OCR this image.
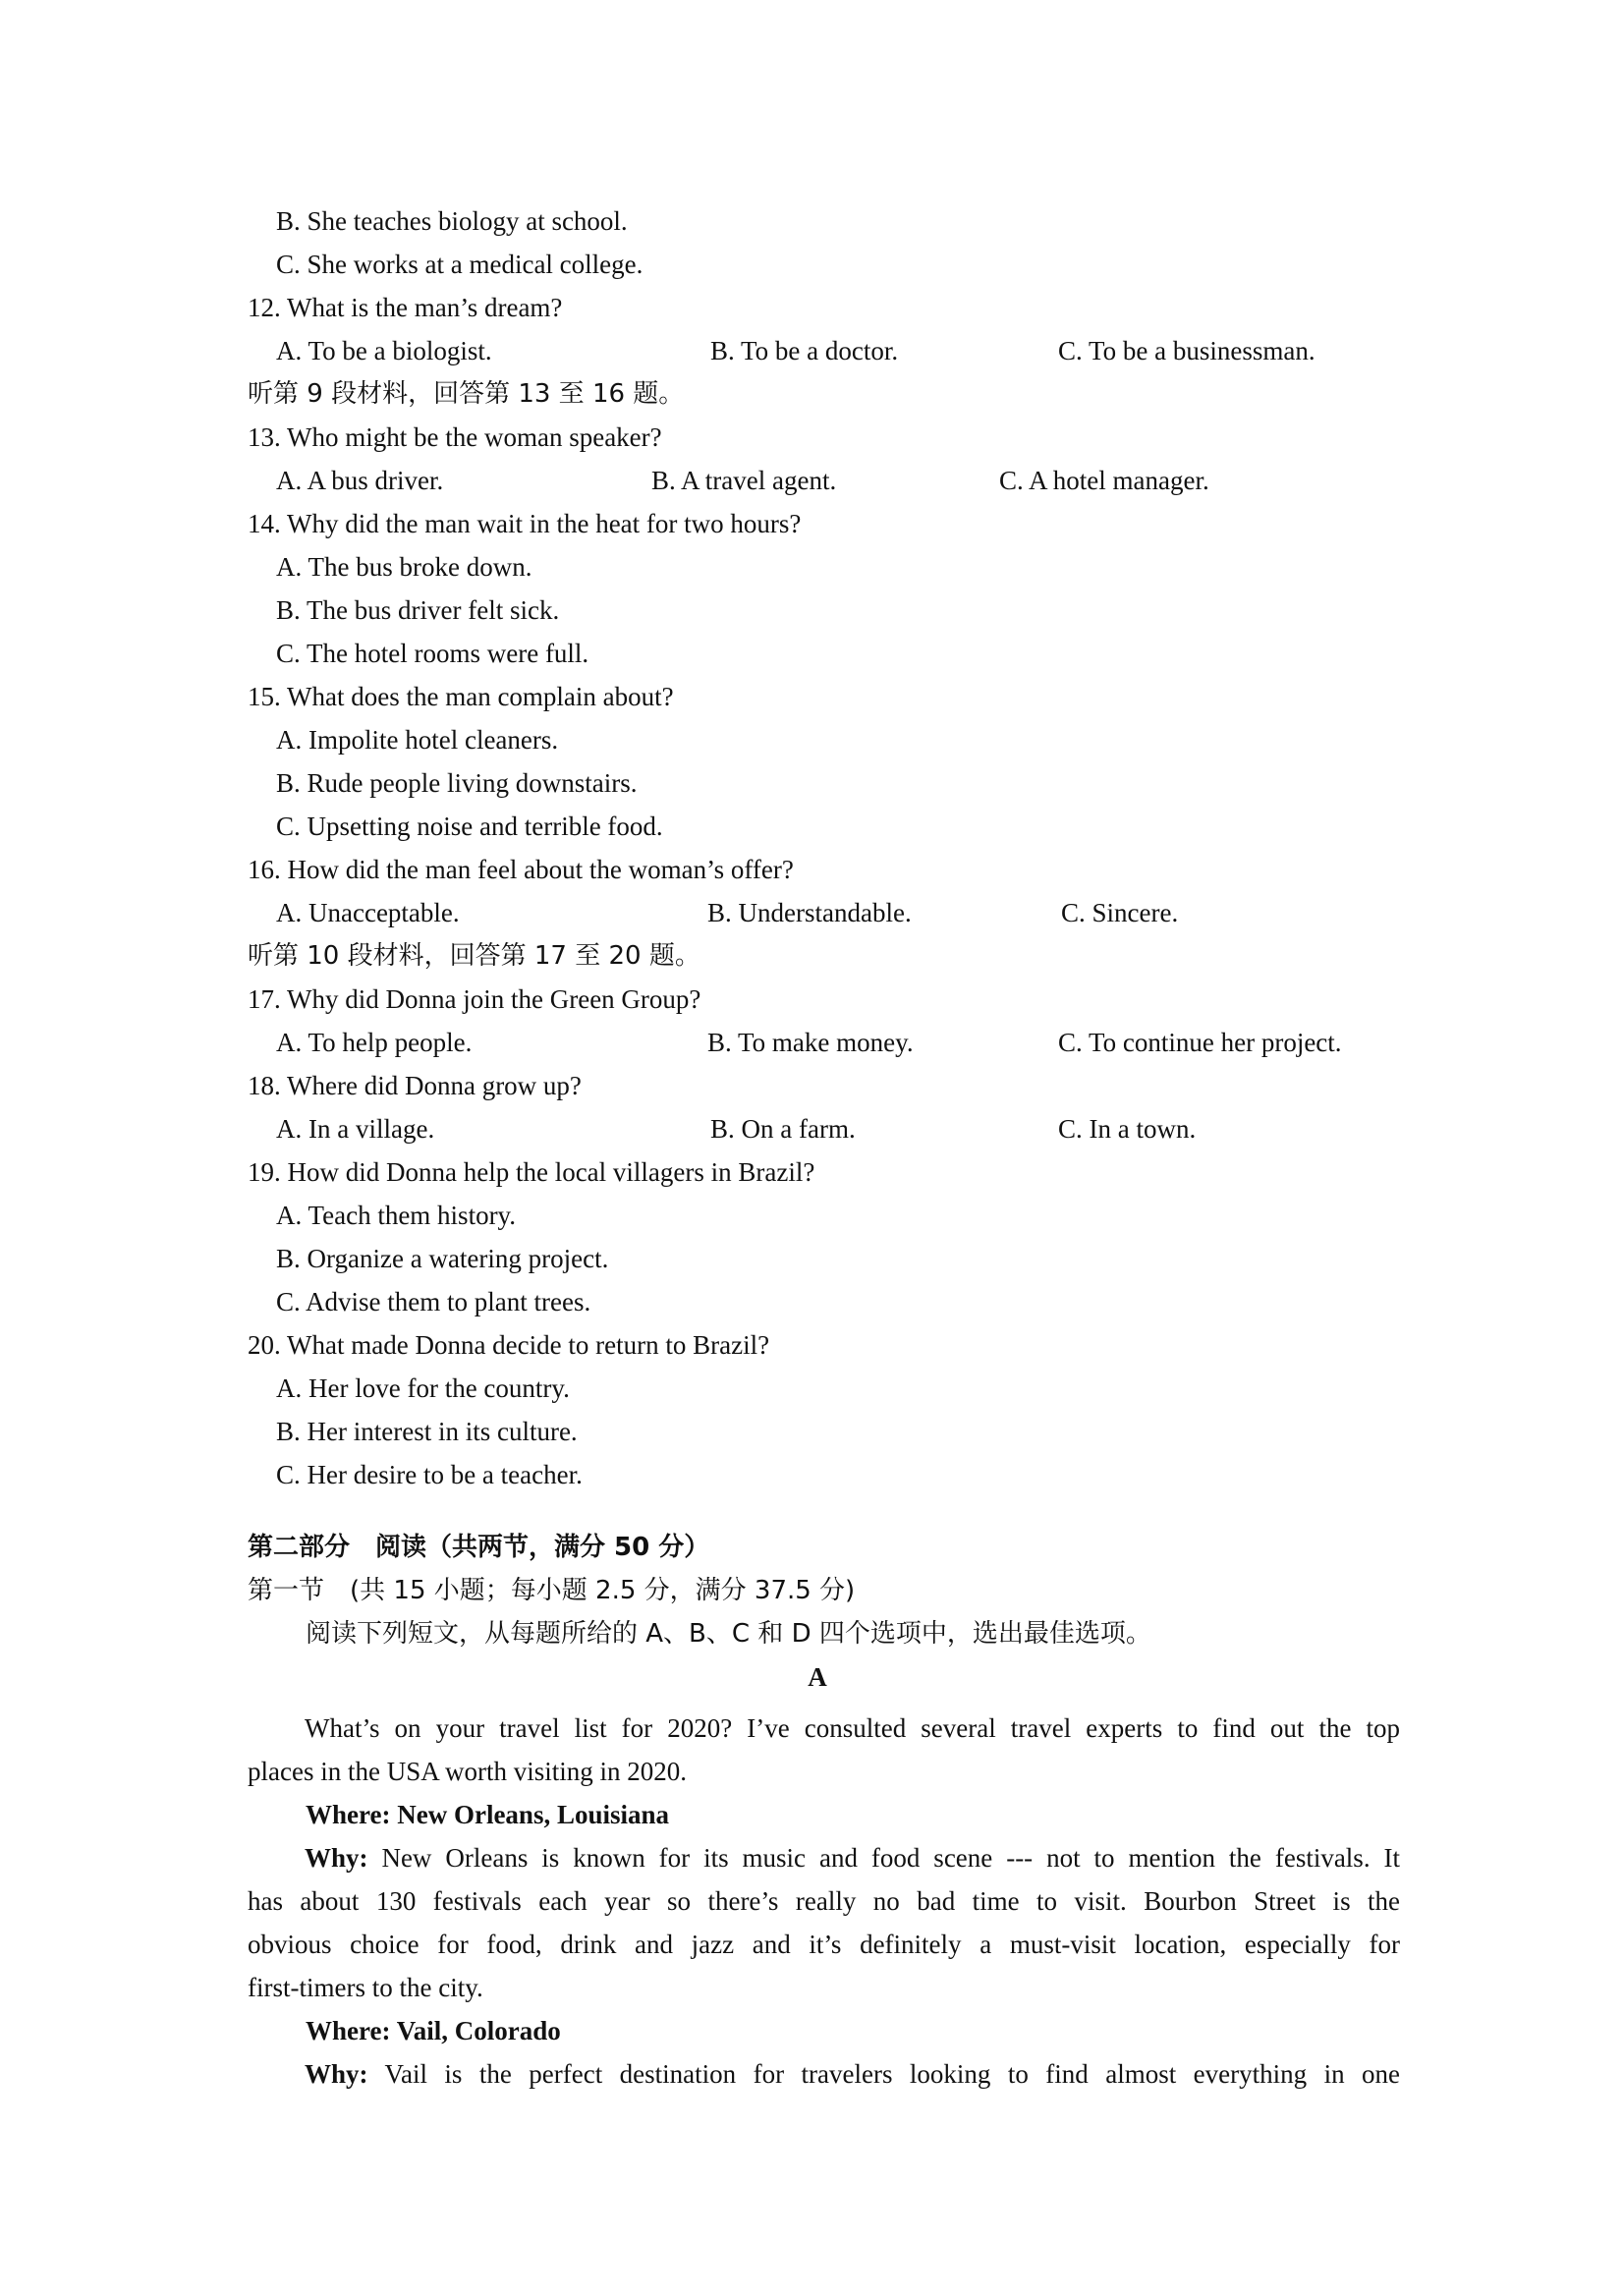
B. She teaches biology at school.
C. She works at a medical college.
12. What is the man’s dream?
A. To be a biologist.	B. To be a doctor.	C. To be a businessman.
听第 9 段材料，回答第 13 至 16 题。
13. Who might be the woman speaker?
A. A bus driver.	B. A travel agent.	C. A hotel manager.
14. Why did the man wait in the heat for two hours?
A. The bus broke down.
B. The bus driver felt sick.
C. The hotel rooms were full.
15. What does the man complain about?
A. Impolite hotel cleaners.
B. Rude people living downstairs.
C. Upsetting noise and terrible food.
16. How did the man feel about the woman’s offer?
A. Unacceptable.	B. Understandable.	C. Sincere.
听第 10 段材料，回答第 17 至 20 题。
17. Why did Donna join the Green Group?
A. To help people.	B. To make money.	C. To continue her project.
18. Where did Donna grow up?
A. In a village.	B. On a farm.	C. In a town.
19. How did Donna help the local villagers in Brazil?
A. Teach them history.
B. Organize a watering project.
C. Advise them to plant trees.
20. What made Donna decide to return to Brazil?
A. Her love for the country.
B. Her interest in its culture.
C. Her desire to be a teacher.
第二部分　阅读（共两节，满分 50 分）
第一节　(共 15 小题；每小题 2.5 分，满分 37.5 分)
阅读下列短文，从每题所给的 A、B、C 和 D 四个选项中，选出最佳选项。
A
What’s on your travel list for 2020? I’ve consulted several travel experts to find out the top
places in the USA worth visiting in 2020.
Where: New Orleans, Louisiana
Why: New Orleans is known for its music and food scene --- not to mention the festivals. It
has about 130 festivals each year so there’s really no bad time to visit. Bourbon Street is the
obvious choice for food, drink and jazz and it’s definitely a must-visit location, especially for
first-timers to the city.
Where: Vail, Colorado
Why: Vail is the perfect destination for travelers looking to find almost everything in one
